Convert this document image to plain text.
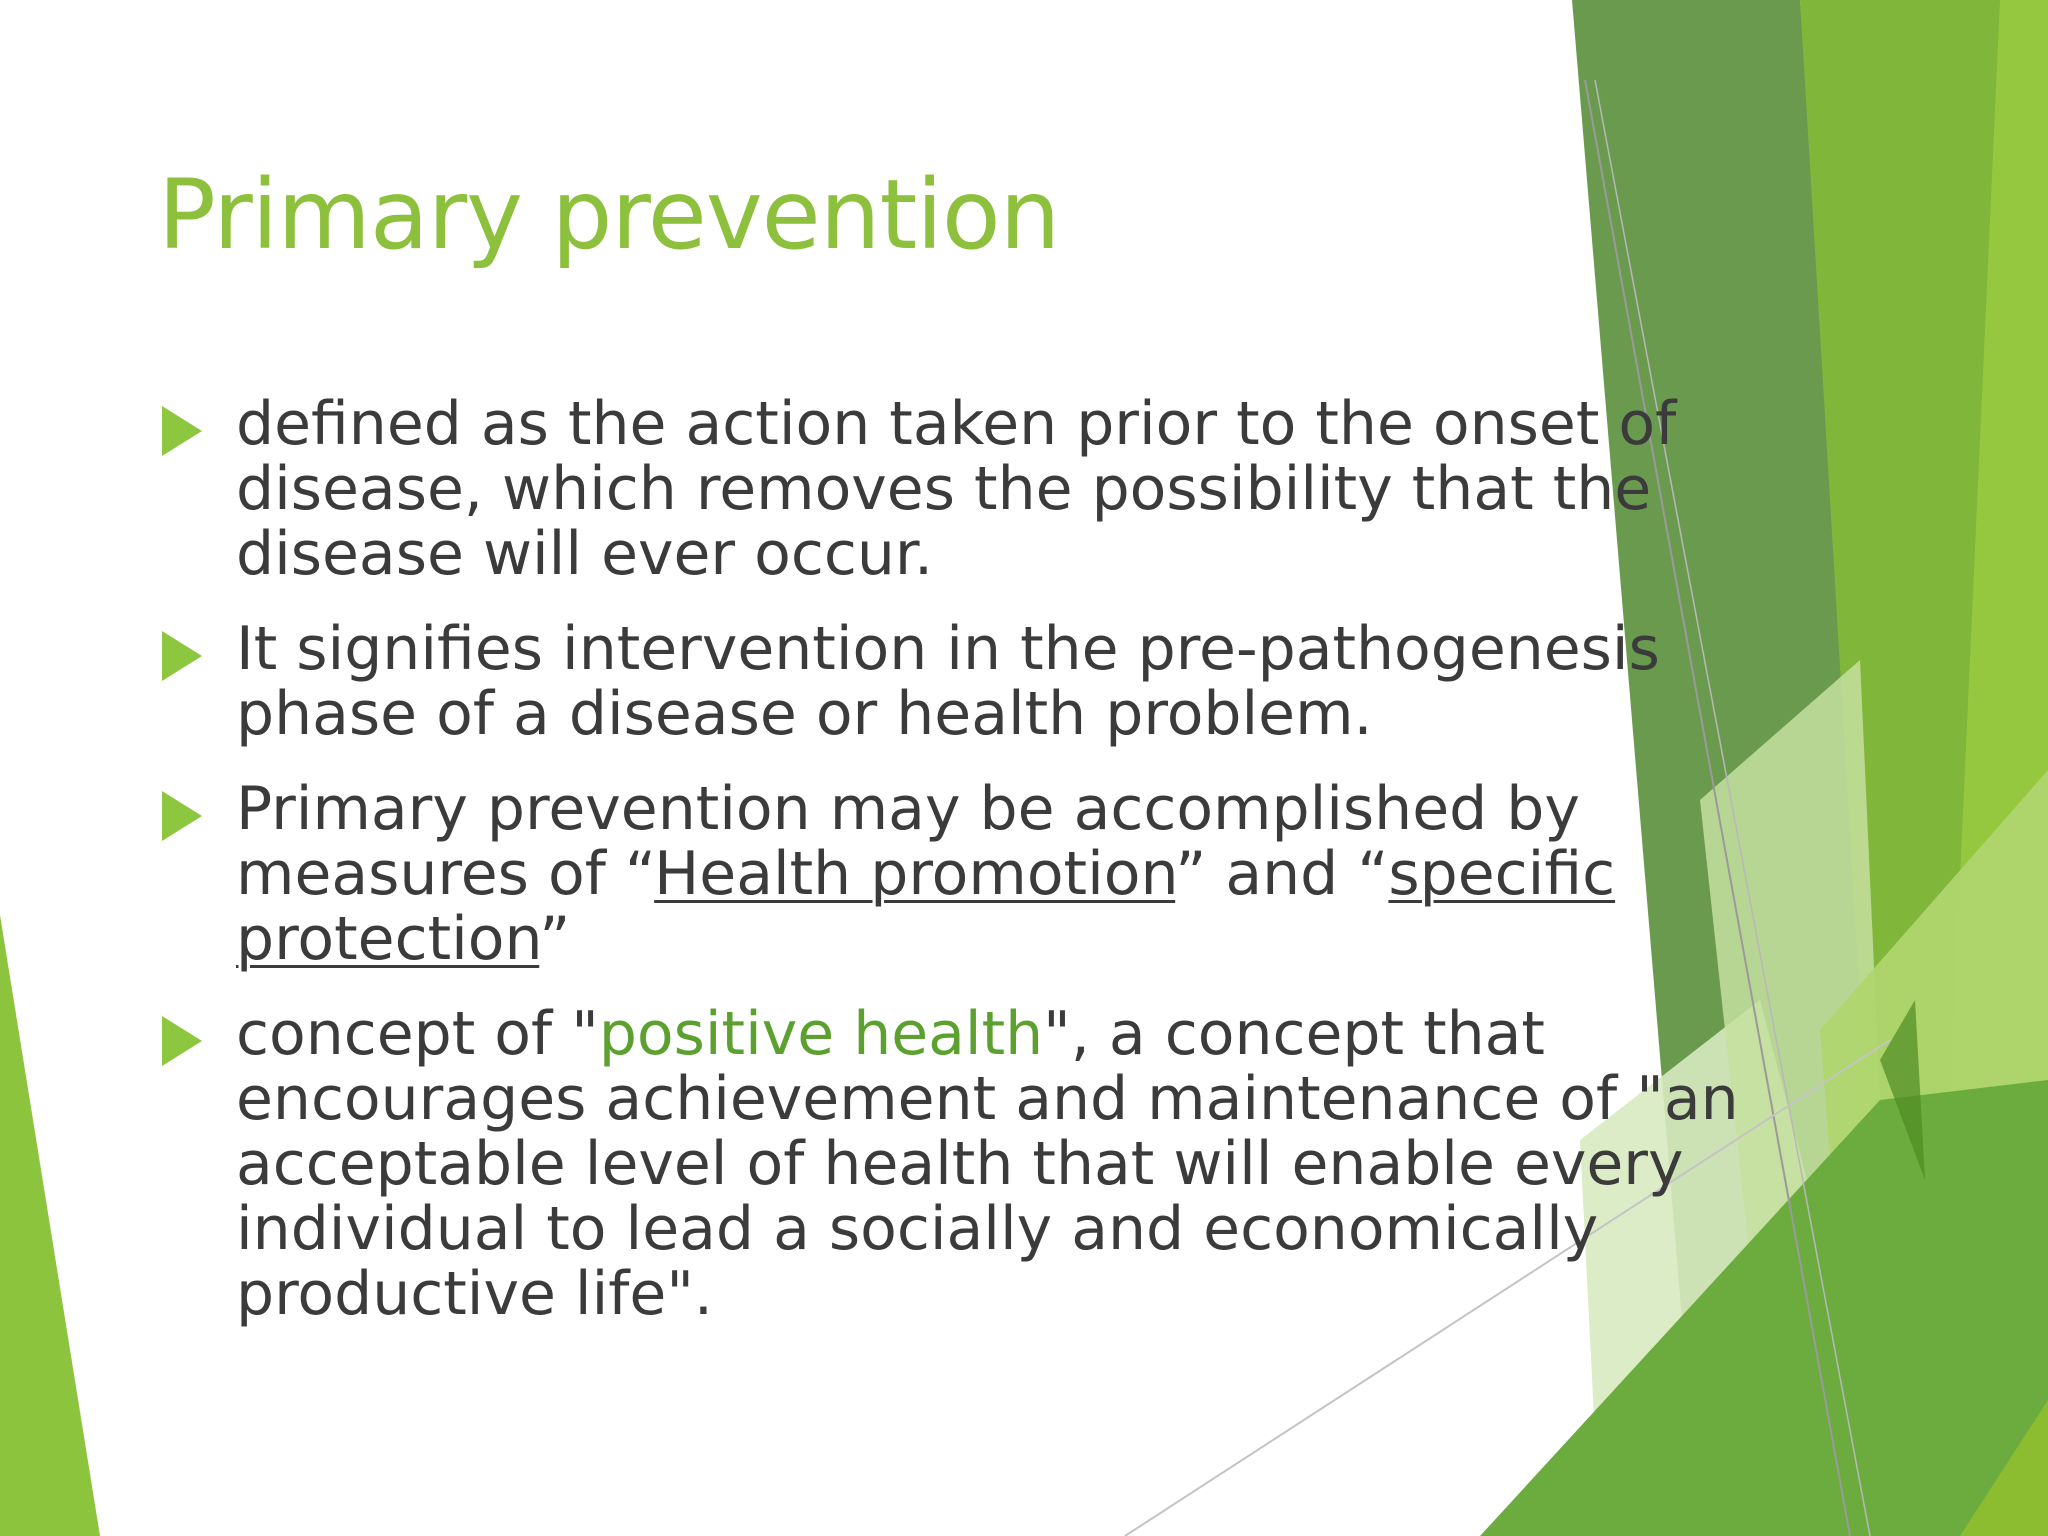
Primary prevention
defined as the action taken prior to the onset of disease, which removes the possibility that the disease will ever occur.
It signifies intervention in the pre-pathogenesis phase of a disease or health problem.
Primary prevention may be accomplished by measures of “Health promotion” and “specific protection”
concept of "positive health", a concept that encourages achievement and maintenance of "an acceptable level of health that will enable every individual to lead a socially and economically productive life".
